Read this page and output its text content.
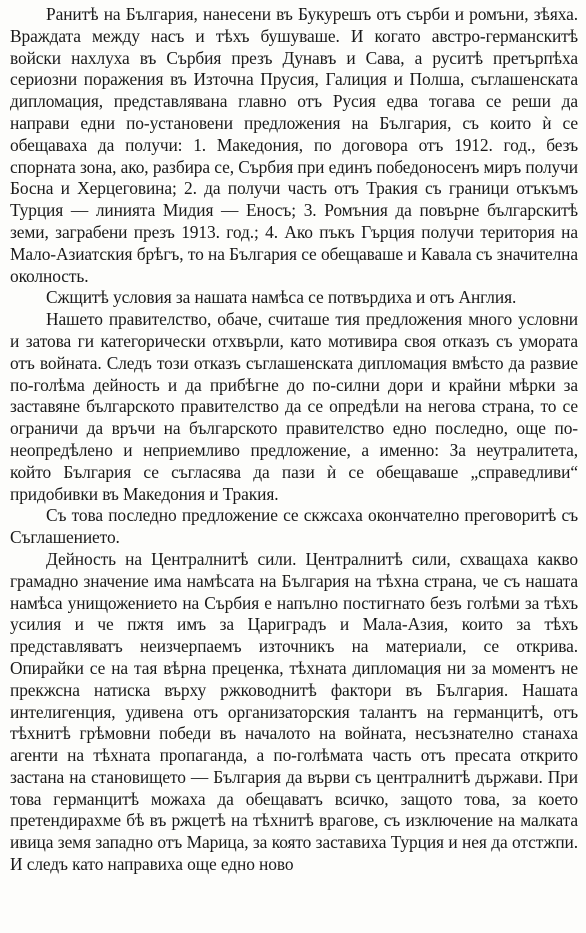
Ранитѣ на България, нанесени въ Букурешъ отъ сърби и ромъни, зѣяха. Враждата между насъ и тѣхъ бушуваше. И когато австро-германскитѣ войски нахлуха въ Сърбия презъ Дунавъ и Сава, а руситѣ претърпѣха сериозни поражения въ Източна Прусия, Галиция и Полша, съглашенската дипломация, представлявана главно отъ Русия едва тогава се реши да направи едни по-установени предложения на България, съ които ѝ се обещаваха да получи: 1. Македония, по договора отъ 1912. год., безъ спорната зона, ако, разбира се, Сърбия при единъ победоносенъ миръ получи Босна и Херцеговина; 2. да получи часть отъ Тракия съ граници отъкъмъ Турция — линията Мидия — Еносъ; 3. Ромъния да повърне българскитѣ земи, заграбени презъ 1913. год.; 4. Ако пъкъ Гърция получи територия на Мало-Азиатския брѣгъ, то на България се обещаваше и Кавала съ значителна околность.

Сжщитѣ условия за нашата намѣса се потвърдиха и отъ Англия.

Нашето правителство, обаче, считаше тия предложения много условни и затова ги категорически отхвърли, като мотивира своя отказъ съ умората отъ войната. Следъ този отказъ съглашенската дипломация вмѣсто да развие по-голѣма дейность и да прибѣгне до по-силни дори и крайни мѣрки за заставяне българското правителство да се опредѣли на негова страна, то се ограничи да връчи на българското правителство едно последно, още по-неопредѣлено и неприемливо предложение, а именно: За неутралитета, който България се съгласява да пази ѝ се обещаваше „справедливи“ придобивки въ Македония и Тракия.

Съ това последно предложение се скжсаха окончателно преговоритѣ съ Съглашението.

Дейность на Централнитѣ сили. Централнитѣ сили, схващаха какво грамадно значение има намѣсата на България на тѣхна страна, че съ нашата намѣса унищожението на Сърбия е напълно постигнато безъ голѣми за тѣхъ усилия и че пжтя имъ за Цариградъ и Мала-Азия, които за тѣхъ представляватъ неизчерпаемъ източникъ на материали, се открива. Опирайки се на тая вѣрна преценка, тѣхната дипломация ни за моментъ не прекжсна натиска върху ржководнитѣ фактори въ България. Нашата интелигенция, удивена отъ организаторския талантъ на германцитѣ, отъ тѣхнитѣ грѣмовни победи въ началото на войната, несъзнателно станаха агенти на тѣхната пропаганда, а по-голѣмата часть отъ пресата открито застана на становището — България да върви съ централнитѣ държави. При това германцитѣ можаха да обещаватъ всичко, защото това, за което претендирахме бѣ въ ржцетѣ на тѣхнитѣ врагове, съ изключение на малката ивица земя западно отъ Марица, за която заставиха Турция и нея да отстжпи. И следъ като направиха още едно ново
